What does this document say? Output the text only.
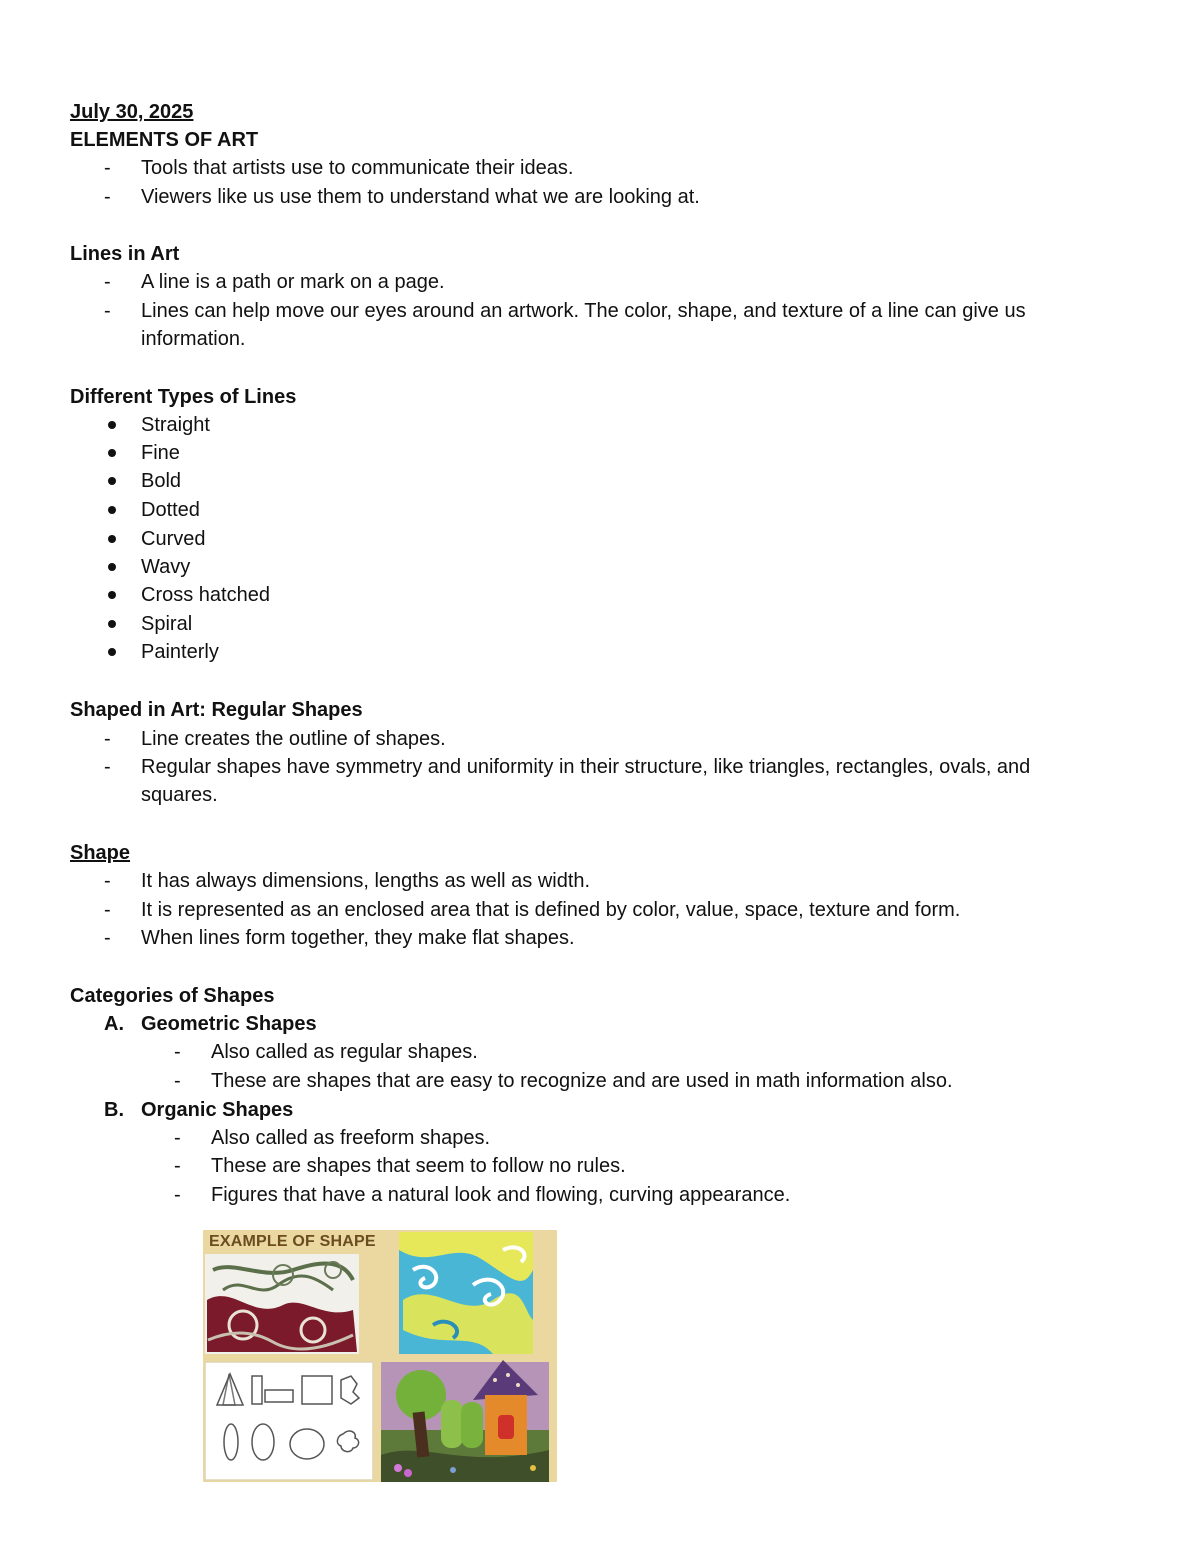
July 30, 2025
ELEMENTS OF ART
-	Tools that artists use to communicate their ideas.
-	Viewers like us use them to understand what we are looking at.
Lines in Art
-	A line is a path or mark on a page.
-	Lines can help move our eyes around an artwork. The color, shape, and texture of a line can give us
information.
Different Types of Lines
Straight
Fine
Bold
Dotted
Curved
Wavy
Cross hatched
Spiral
Painterly
Shaped in Art: Regular Shapes
-	Line creates the outline of shapes.
-	Regular shapes have symmetry and uniformity in their structure, like triangles, rectangles, ovals, and
squares.
Shape
-	It has always dimensions, lengths as well as width.
-	It is represented as an enclosed area that is defined by color, value, space, texture and form.
-	When lines form together, they make flat shapes.
Categories of Shapes
A. Geometric Shapes
-	Also called as regular shapes.
-	These are shapes that are easy to recognize and are used in math information also.
B. Organic Shapes
-	Also called as freeform shapes.
-	These are shapes that seem to follow no rules.
-	Figures that have a natural look and flowing, curving appearance.
EXAMPLE OF SHAPE
